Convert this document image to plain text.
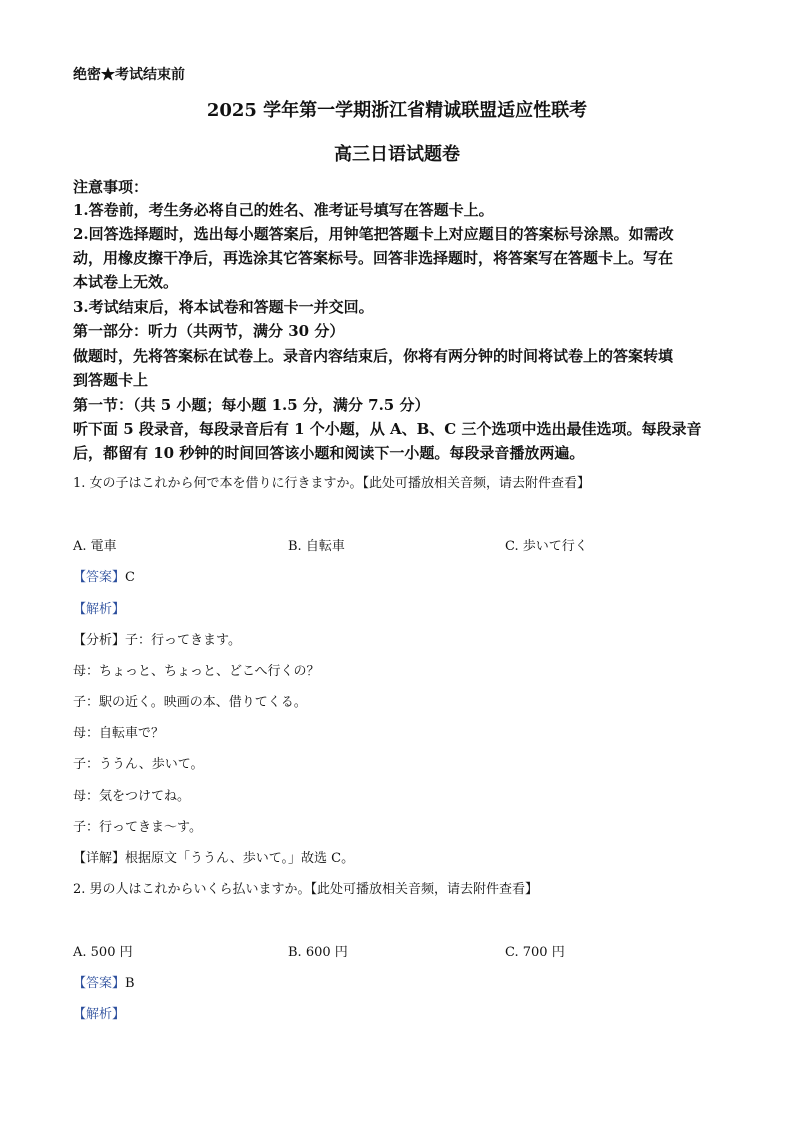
绝密★考试结束前
2025 学年第一学期浙江省精诚联盟适应性联考
高三日语试题卷
注意事项：
1.答卷前，考生务必将自己的姓名、准考证号填写在答题卡上。
2.回答选择题时，选出每小题答案后，用钟笔把答题卡上对应题目的答案标号涂黑。如需改
动，用橡皮擦干净后，再选涂其它答案标号。回答非选择题时，将答案写在答题卡上。写在
本试卷上无效。
3.考试结束后，将本试卷和答题卡一并交回。
第一部分：听力（共两节，满分 30 分）
做题时，先将答案标在试卷上。录音内容结束后，你将有两分钟的时间将试卷上的答案转填
到答题卡上
第一节：（共 5 小题；每小题 1.5 分，满分 7.5 分）
听下面 5 段录音，每段录音后有 1 个小题，从 A、B、C 三个选项中选出最佳选项。每段录音
后，都留有 10 秒钟的时间回答该小题和阅读下一小题。每段录音播放两遍。
1. 女の子はこれから何で本を借りに行きますか。【此处可播放相关音频，请去附件查看】
A. 電車	B. 自転車	C. 歩いて行く
【答案】C
【解析】
【分析】子：行ってきます。
母：ちょっと、ちょっと、どこへ行くの？
子：駅の近く。映画の本、借りてくる。
母：自転車で？
子：ううん、歩いて。
母：気をつけてね。
子：行ってきま～す。
【详解】根据原文「ううん、歩いて。」故选 C。
2. 男の人はこれからいくら払いますか。【此处可播放相关音频，请去附件查看】
A. 500 円	B. 600 円	C. 700 円
【答案】B
【解析】
